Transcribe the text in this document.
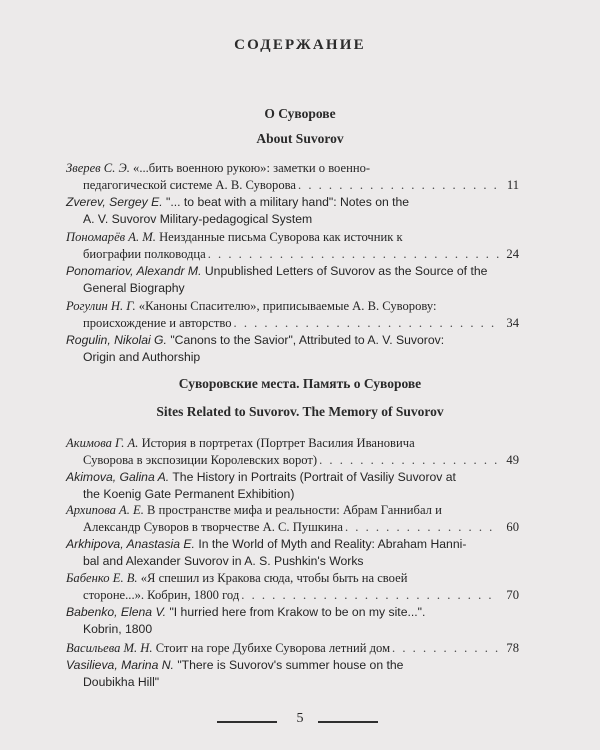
СОДЕРЖАНИЕ
О Суворове
About Suvorov
Зверев С. Э. «...бить военною рукою»: заметки о военно-
педагогической системе А. В. Суворова . . .	11
Zverev, Sergey E. "... to beat with a military hand": Notes on the
A. V. Suvorov Military-pedagogical System
Пономарёв А. М. Неизданные письма Суворова как источник к
биографии полководца . . .	24
Ponomariov, Alexandr M. Unpublished Letters of Suvorov as the Source of the
General Biography
Рогулин Н. Г. «Каноны Спасителю», приписываемые А. В. Суворову:
происхождение и авторство . . .	34
Rogulin, Nikolai G. "Canons to the Savior", Attributed to A. V. Suvorov:
Origin and Authorship
Суворовские места. Память о Суворове
Sites Related to Suvorov. The Memory of Suvorov
Акимова Г. А. История в портретах (Портрет Василия Ивановича
Суворова в экспозиции Королевских ворот) . . .	49
Akimova, Galina A. The History in Portraits (Portrait of Vasiliy Suvorov at
the Koenig Gate Permanent Exhibition)
Архипова А. Е. В пространстве мифа и реальности: Абрам Ганнибал и
Александр Суворов в творчестве А. С. Пушкина . . .	60
Arkhipova, Anastasia E. In the World of Myth and Reality: Abraham Hanni-
bal and Alexander Suvorov in A. S. Pushkin's Works
Бабенко Е. В. «Я спешил из Кракова сюда, чтобы быть на своей
стороне...». Кобрин, 1800 год . . .	70
Babenko, Elena V. "I hurried here from Krakow to be on my site...".
Kobrin, 1800
Васильева М. Н. Стоит на горе Дубихе Суворова летний дом . . .	78
Vasilieva, Marina N. "There is Suvorov's summer house on the
Doubikha Hill"
5
